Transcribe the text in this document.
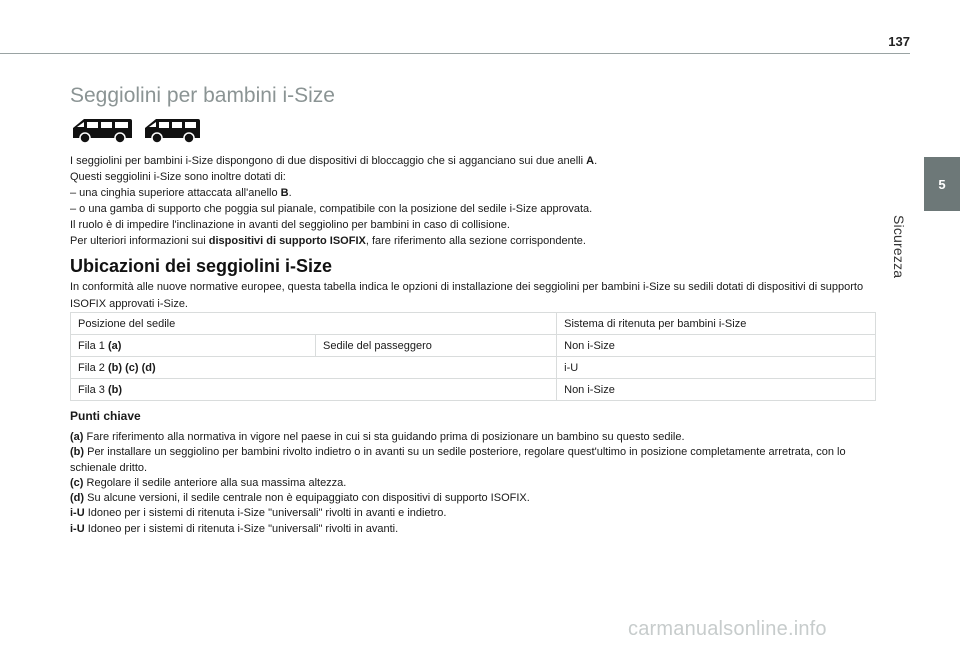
137
5
Sicurezza
Seggiolini per bambini i-Size

I seggiolini per bambini i-Size dispongono di due dispositivi di bloccaggio che si agganciano sui due anelli A.

Questi seggiolini i-Size sono inoltre dotati di:

– una cinghia superiore attaccata all'anello B.

– o una gamba di supporto che poggia sul pianale, compatibile con la posizione del sedile i-Size approvata.

Il ruolo è di impedire l'inclinazione in avanti del seggiolino per bambini in caso di collisione.

Per ulteriori informazioni sui dispositivi di supporto ISOFIX, fare riferimento alla sezione corrispondente.

Ubicazioni dei seggiolini i-Size

In conformità alle nuove normative europee, questa tabella indica le opzioni di installazione dei seggiolini per bambini i-Size su sedili dotati di dispositivi di supporto ISOFIX approvati i-Size.

Posizione del sedile		Sistema di ritenuta per bambini i-Size
Fila 1 (a)	Sedile del passeggero	Non i-Size
Fila 2 (b) (c) (d)		i-U
Fila 3 (b)		Non i-Size
Punti chiave

(a) Fare riferimento alla normativa in vigore nel paese in cui si sta guidando prima di posizionare un bambino su questo sedile.

(b) Per installare un seggiolino per bambini rivolto indietro o in avanti su un sedile posteriore, regolare quest'ultimo in posizione completamente arretrata, con lo schienale dritto.

(c) Regolare il sedile anteriore alla sua massima altezza.

(d) Su alcune versioni, il sedile centrale non è equipaggiato con dispositivi di supporto ISOFIX.

i-U Idoneo per i sistemi di ritenuta i-Size "universali" rivolti in avanti e indietro.

i-U Idoneo per i sistemi di ritenuta i-Size "universali" rivolti in avanti.

carmanualsonline.info
